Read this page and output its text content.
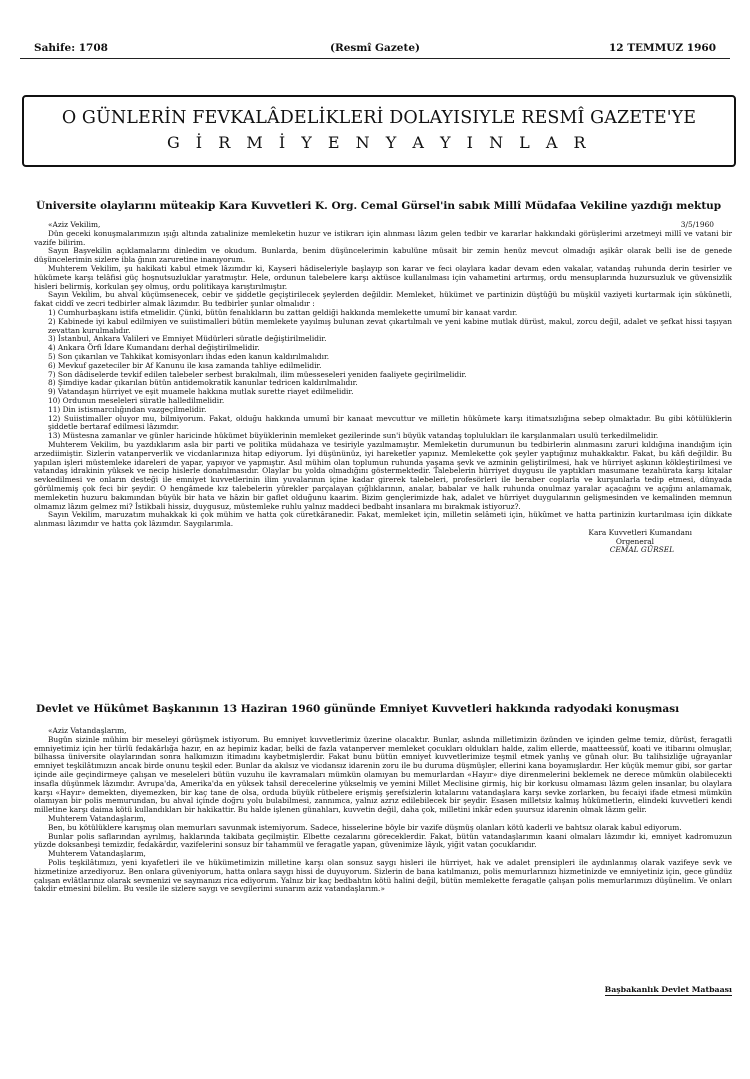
Sahife: 1708	(Resmî Gazete)	12 TEMMUZ 1960
O GÜNLERİN FEVKALÂDELİKLERİ DOLAYISIYLE RESMÎ GAZETE'YE
G İ R M İ Y E N Y A Y I N L A R
Üniversite olaylarını müteakip Kara Kuvvetleri K. Org. Cemal Gürsel'in sabık Millî Müdafaa Vekiline yazdığı mektup

«Aziz Vekilim,	3/5/1960

Dün geceki konuşmalarımızın ışığı altında zatıalinize memleketin huzur ve istikrarı için alınması lâzım gelen tedbir ve kararlar hakkındaki görüşlerimi arzetmeyi millî ve vatani bir vazife bilirim.

Sayın Başvekilin açıklamalarını dinledim ve okudum. Bunlarda, benim düşüncelerimin kabulüne müsait bir zemin henüz mevcut olmadığı aşikâr olarak belli ise de genede düşüncelerimin sizlere ibla ğının zaruretine inanıyorum.

Muhterem Vekilim, şu hakikati kabul etmek lâzımdır ki, Kayseri hâdiseleriyle başlayıp son karar ve feci olaylara kadar devam eden vakalar, vatandaş ruhunda derin tesirler ve hükümete karşı telâfisi güç hoşnutsuzluklar yaratmıştır. Hele, ordunun talebelere karşı aktüsce kullanılması için vahametini artırmış, ordu mensuplarında huzursuzluk ve güvensizlik hisleri belirmiş, korkulan şey olmuş, ordu politikaya karıştırılmıştır.

Sayın Vekilim, bu ahval küçümsenecek, cebir ve şiddetle geçiştirilecek şeylerden değildir. Memleket, hükümet ve partinizin düştüğü bu müşkül vaziyeti kurtarmak için sükûnetli, fakat ciddî ve zecri tedbirler almak lâzımdır. Bu tedbirler şunlar olmalıdır :

1) Cumhurbaşkanı istifa etmelidir. Çünki, bütün fenalıkların bu zattan geldiği hakkında memlekette umumî bir kanaat vardır.

2) Kabinede iyi kabul edilmiyen ve suiistimalleri bütün memlekete yayılmış bulunan zevat çıkartılmalı ve yeni kabine mutlak dürüst, makul, zorcu değil, adalet ve şefkat hissi taşıyan zevattan kurulmalıdır.

3) İstanbul, Ankara Valileri ve Emniyet Müdürleri süratle değiştirilmelidir.

4) Ankara Örfi İdare Kumandanı derhal değiştirilmelidir.

5) Son çıkarılan ve Tahkikat komisyonları ihdas eden kanun kaldırılmalıdır.

6) Mevkuf gazeteciler bir Af Kanunu ile kısa zamanda tahliye edilmelidir.

7) Son dâdiselerde tevkif edilen talebeler serbest bırakılmalı, ilim müesseseleri yeniden faaliyete geçirilmelidir.

8) Şimdiye kadar çıkarılan bütün antidemokratik kanunlar tedricen kaldırılmalıdır.

9) Vatandaşın hürriyet ve eşit muamele hakkına mutlak surette riayet edilmelidir.

10) Ordunun meseleleri süratle halledilmelidir.

11) Din istismarcılığından vazgeçilmelidir.

12) Suiistimaller oluyor mu, bilmiyorum. Fakat, olduğu hakkında umumî bir kanaat mevcuttur ve milletin hükûmete karşı itimatsızlığına sebep olmaktadır. Bu gibi kötülüklerin şiddetle bertaraf edilmesi lâzımdır.

13) Müstesna zamanlar ve günler haricinde hükümet büyüklerinin memleket gezilerinde sun'i büyük vatandaş toplulukları ile karşılanmaları usulü terkedilmelidir.

Muhterem Vekilim, bu yazdıklarım asla bir parti ve politika müdahaza ve tesiriyle yazılmamıştır. Memleketin durumunun bu tedbirlerin alınmasını zaruri kıldığına inandığım için arzediimiştir. Sizlerin vatanperverlik ve vicdanlarınıza hitap ediyorum. İyi düşününüz, iyi hareketler yapınız. Memlekette çok şeyler yaptığınız muhakkaktır. Fakat, bu kâfi değildir. Bu yapılan işleri müstemleke idareleri de yapar, yapıyor ve yapmıştır. Asıl mühim olan toplumun ruhunda yaşama şevk ve azminin geliştirilmesi, hak ve hürriyet aşkının kökleştirilmesi ve vatandaş idrakinin yüksek ve necip hislerle donatılmasıdır. Olaylar bu yolda olmadığını göstermektedir. Talebelerin hürriyet duygusu ile yaptıkları masumane tezahürata karşı kitalar sevkedilmesi ve onların desteği ile emniyet kuvvetlerinin ilim yuvalarının içine kadar girerek talebeleri, profesörleri ile beraber coplarla ve kurşunlarla tedip etmesi, dünyada görülmemiş çok feci bir şeydir. O hengâmede kız talebelerin yürekler parçalayan çığlıklarının, analar, babalar ve halk ruhunda onulmaz yaralar açacağını ve açığını anlamamak, memleketin huzuru bakımından büyük bir hata ve hâzin bir gaflet olduğunu kaarim. Bizim gençlerimizde hak, adalet ve hürriyet duygularının gelişmesinden ve kemalinden memnun olmamız lâzım gelmez mi? İstikbali hissiz, duygusuz, müstemleke ruhlu yalnız maddeci bedbaht insanlara mı bırakmak istiyoruz?.

Sayın Vekilim, maruzatım muhakkak ki çok mühim ve hatta çok cüretkâranedir. Fakat, memleket için, milletin selâmeti için, hükûmet ve hatta partinizin kurtarılması için dikkate alınması lâzımdır ve hatta çok lâzımdır. Saygılarımla.

Kara Kuvvetleri Kumandanı
Orgeneral
CEMAL GÜRSEL
Devlet ve Hükûmet Başkanının 13 Haziran 1960 gününde Emniyet Kuvvetleri hakkında radyodaki konuşması

«Aziz Vatandaşlarım,

Bugün sizinle mühim bir meseleyi görüşmek istiyorum. Bu emniyet kuvvetlerimiz üzerine olacaktır. Bunlar, aslında milletimizin özünden ve içinden gelme temiz, dürüst, feragatli emniyetimiz için her türlü fedakârlığa hazır, en az hepimiz kadar, belki de fazla vatanperver memleket çocukları oldukları halde, zalim ellerde, maatteessüf, koati ve itibarını olmuşlar, bilhassa üniversite olaylarından sonra halkımızın itimadını kaybetmişlerdir. Fakat bunu bütün emniyet kuvvetlerimize teşmil etmek yanlış ve günah olur. Bu talihsizliğe uğrayanlar emniyet teşkilâtımızın ancak birde onunu teşkil eder. Bunlar da akılsız ve vicdansız idarenin zoru ile bu duruma düşmüşler, ellerini kana boyamışlardır. Her küçük memur gibi, sor gartar içinde aile geçindirmeye çalışan ve meseleleri bütün vuzuhu ile kavramaları mümkün olamıyan bu memurlardan «Hayır» diye direnmelerini beklemek ne derece mümkün olabilecekti insafla düşünmek lâzımdır. Avrupa'da, Amerika'da en yüksek tahsil derecelerine yükselmiş ve yemini Millet Meclisine girmiş, hiç bir korkusu olmaması lâzım gelen insanlar, bu olaylara karşı «Hayır» demekten, diyemezken, bir kaç tane de olsa, orduda büyük rütbelere erişmiş şerefsizlerin kıtalarını vatandaşlara karşı sevke zorlarken, bu fecaiyi ifade etmesi mümkün olamıyan bir polis memurundan, bu ahval içinde doğru yolu bulabilmesi, zannımca, yalnız azrız edilebilecek bir şeydir. Esasen milletsiz kalmış hükümetlerin, elindeki kuvvetleri kendi milletine karşı daima kötü kullandıkları bir hakikattir. Bu halde işlenen günahları, kuvvetin değil, daha çok, milletini inkâr eden şuursuz idarenin olmak lâzım gelir.

Muhterem Vatandaşlarım,

Ben, bu kötülüklere karışmış olan memurları savunmak istemiyorum. Sadece, hisselerine böyle bir vazife düşmüş olanları kötü kaderli ve bahtsız olarak kabul ediyorum.

Bunlar polis saflarından ayrılmış, haklarında takibata geçilmiştir. Elbette cezalarını göreceklerdir. Fakat, bütün vatandaşlarımın kaani olmaları lâzımdır ki, emniyet kadromuzun yüzde doksanbeşi temizdir, fedakârdır, vazifelerini sonsuz bir tahammül ve feragatle yapan, güvenimize lâyık, yiğit vatan çocuklarıdır.

Muhterem Vatandaşlarım,

Polis teşkilâtımızı, yeni kıyafetleri ile ve hükümetimizin milletine karşı olan sonsuz saygı hisleri ile hürriyet, hak ve adalet prensipleri ile aydınlanmış olarak vazifeye sevk ve hizmetinize arzediyoruz. Ben onlara güveniyorum, hatta onlara saygı hissi de duyuyorum. Sizlerin de bana katılmanızı, polis memurlarınızı hizmetinizde ve emniyetiniz için, gece gündüz çalışan evlâtlarınız olarak sevmenizi ve saymanızı rica ediyorum. Yalnız bir kaç bedbahtın kötü halini değil, bütün memlekette feragatle çalışan polis memurlarımızı düşünelim. Ve onları takdir etmesini bilelim. Bu vesile ile sizlere saygı ve sevgilerimi sunarım aziz vatandaşlarım.»

Başbakanlık Devlet Matbaası
